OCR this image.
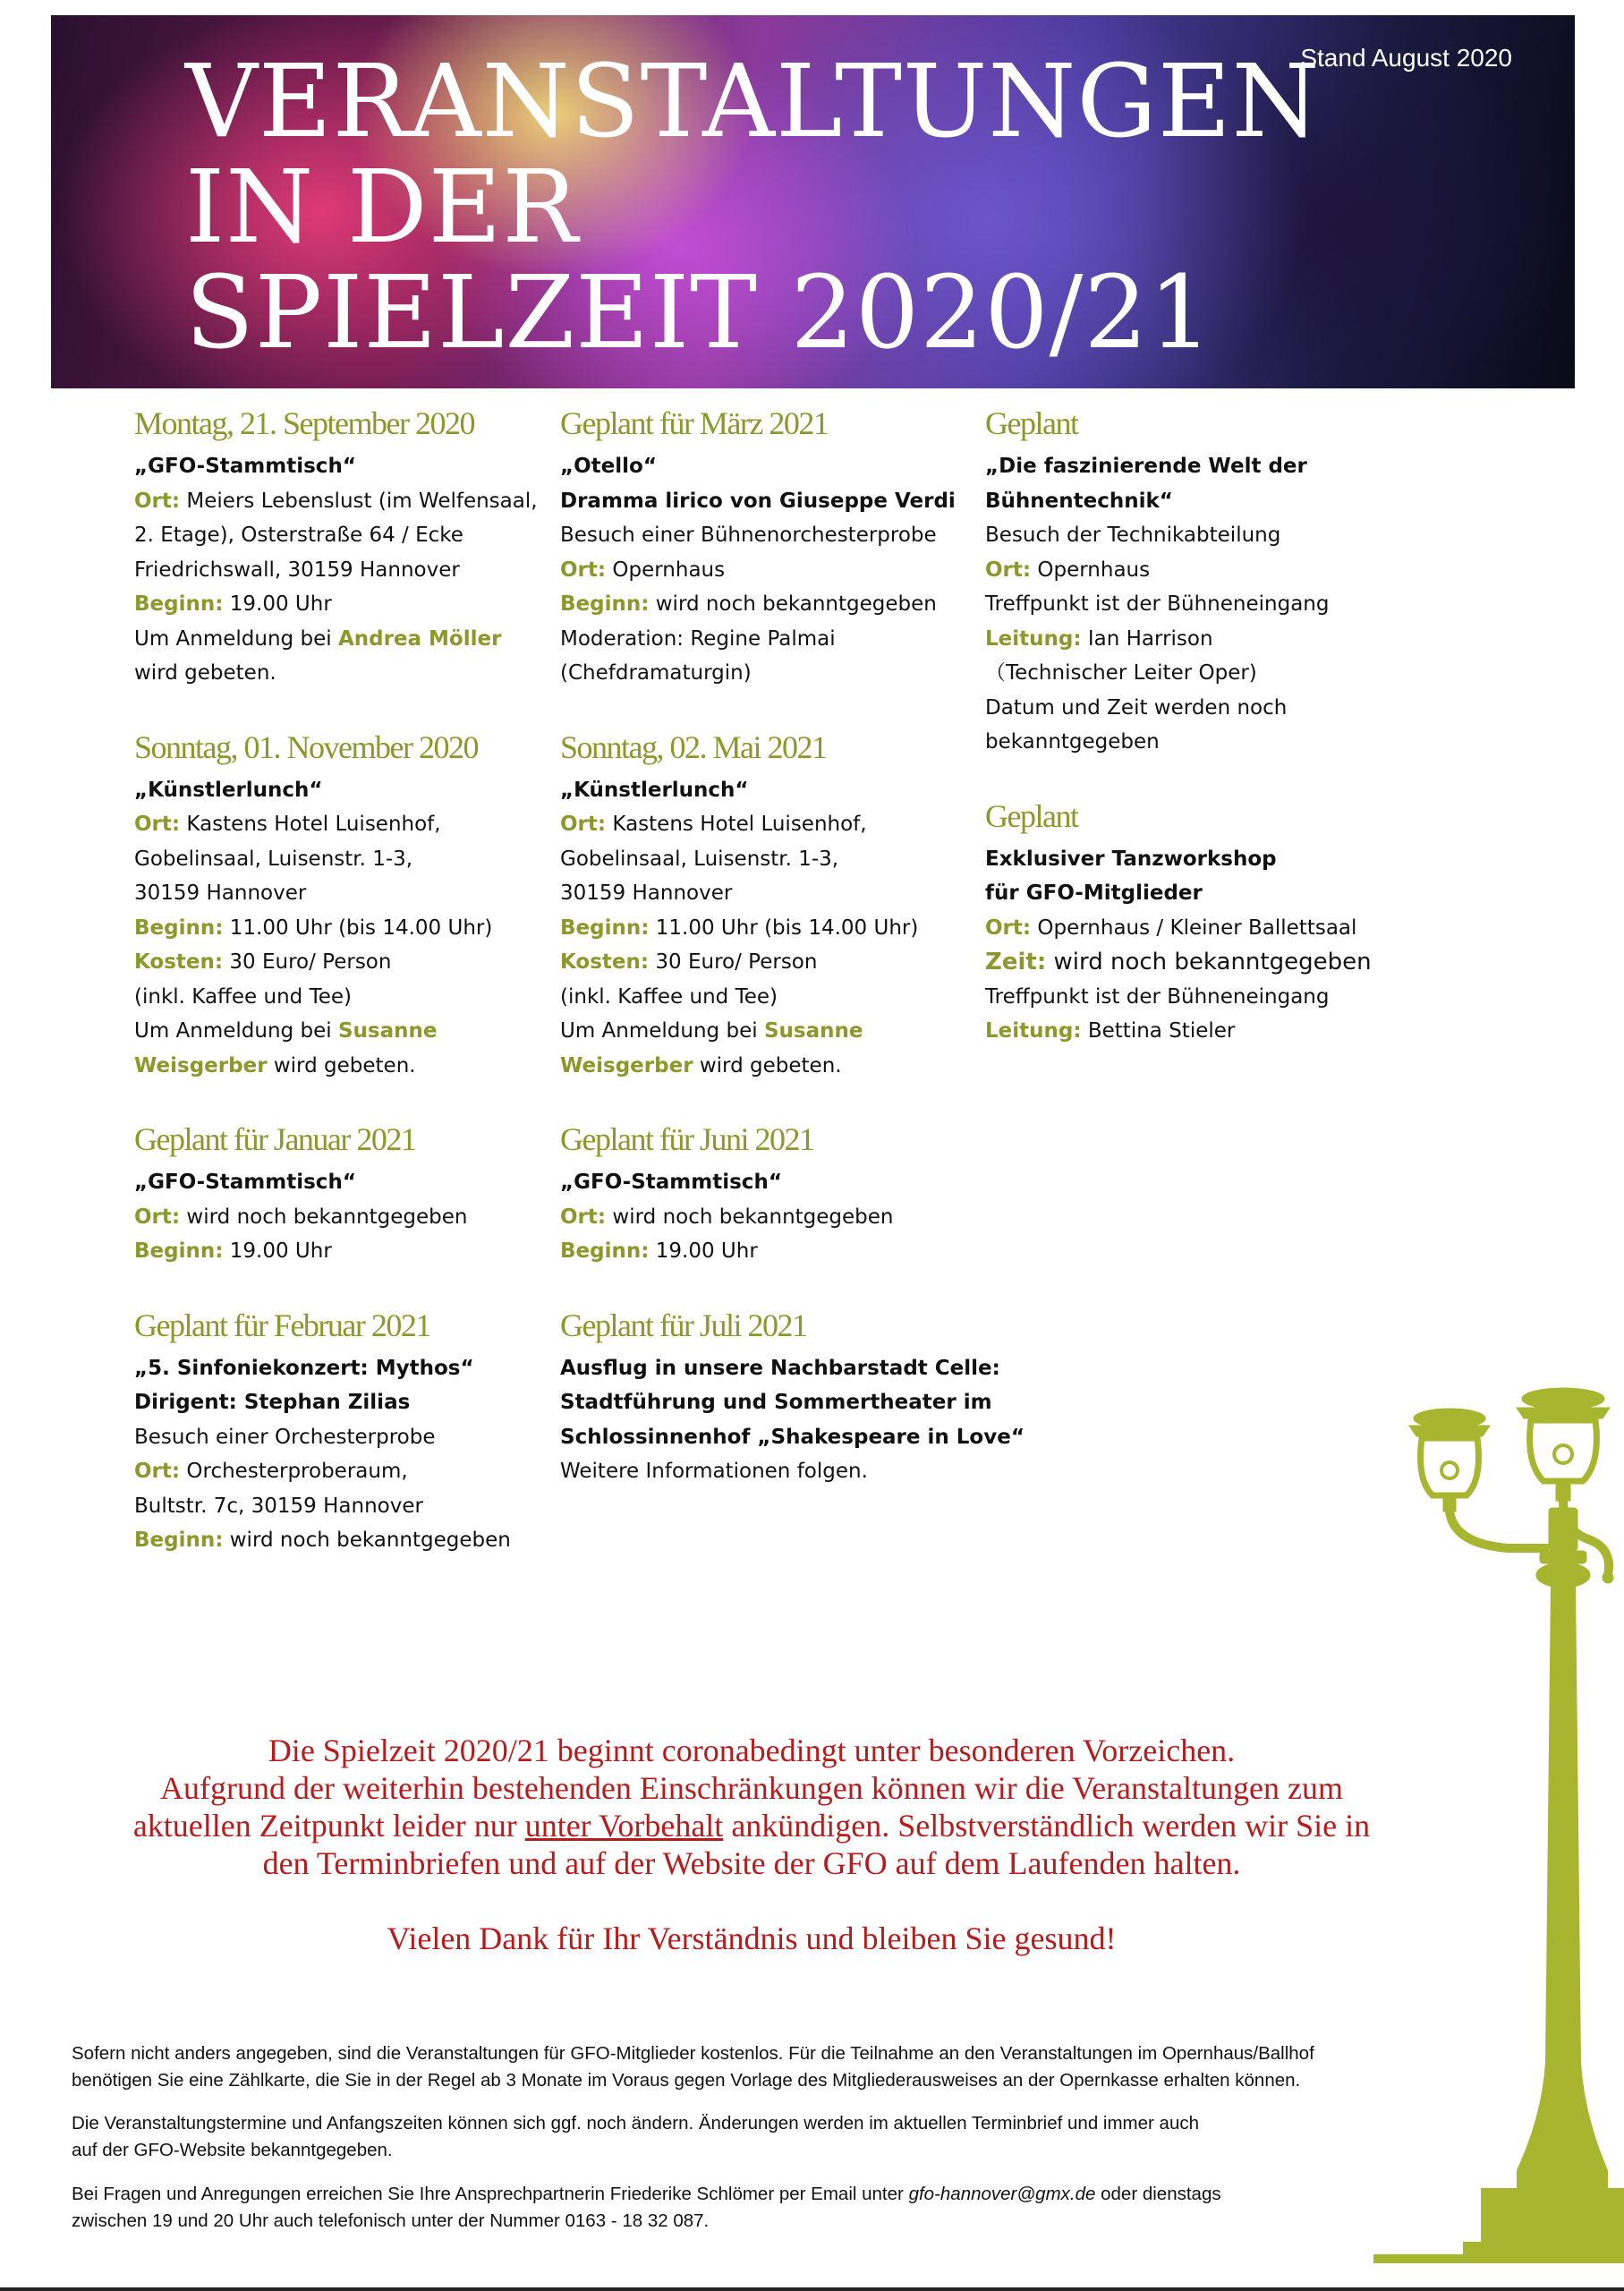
VERANSTALTUNGEN
IN DER
SPIELZEIT 2020/21
Stand August 2020

Montag, 21. September 2020

„GFO-Stammtisch“

Ort: Meiers Lebenslust (im Welfensaal,

2. Etage), Osterstraße 64 / Ecke

Friedrichswall, 30159 Hannover

Beginn: 19.00 Uhr

Um Anmeldung bei Andrea Möller

wird gebeten.

Sonntag, 01. November 2020

„Künstlerlunch“

Ort: Kastens Hotel Luisenhof,

Gobelinsaal, Luisenstr. 1-3,

30159 Hannover

Beginn: 11.00 Uhr (bis 14.00 Uhr)

Kosten: 30 Euro/ Person

(inkl. Kaffee und Tee)

Um Anmeldung bei Susanne

Weisgerber wird gebeten.

Geplant für Januar 2021

„GFO-Stammtisch“

Ort: wird noch bekanntgegeben

Beginn: 19.00 Uhr

Geplant für Februar 2021

„5. Sinfoniekonzert: Mythos“

Dirigent: Stephan Zilias

Besuch einer Orchesterprobe

Ort: Orchesterproberaum,

Bultstr. 7c, 30159 Hannover

Beginn: wird noch bekanntgegeben

Geplant für März 2021

„Otello“

Dramma lirico von Giuseppe Verdi

Besuch einer Bühnenorchesterprobe

Ort: Opernhaus

Beginn: wird noch bekanntgegeben

Moderation: Regine Palmai

(Chefdramaturgin)

Sonntag, 02. Mai 2021

„Künstlerlunch“

Ort: Kastens Hotel Luisenhof,

Gobelinsaal, Luisenstr. 1-3,

30159 Hannover

Beginn: 11.00 Uhr (bis 14.00 Uhr)

Kosten: 30 Euro/ Person

(inkl. Kaffee und Tee)

Um Anmeldung bei Susanne

Weisgerber wird gebeten.

Geplant für Juni 2021

„GFO-Stammtisch“

Ort: wird noch bekanntgegeben

Beginn: 19.00 Uhr

Geplant für Juli 2021

Ausflug in unsere Nachbarstadt Celle:

Stadtführung und Sommertheater im

Schlossinnenhof „Shakespeare in Love“

Weitere Informationen folgen.

Geplant

„Die faszinierende Welt der

Bühnentechnik“

Besuch der Technikabteilung

Ort: Opernhaus

Treffpunkt ist der Bühneneingang

Leitung: Ian Harrison

（Technischer Leiter Oper)

Datum und Zeit werden noch

bekanntgegeben

Geplant

Exklusiver Tanzworkshop

für GFO-Mitglieder

Ort: Opernhaus / Kleiner Ballettsaal

Zeit: wird noch bekanntgegeben

Treffpunkt ist der Bühneneingang

Leitung: Bettina Stieler

Die Spielzeit 2020/21 beginnt coronabedingt unter besonderen Vorzeichen.
Aufgrund der weiterhin bestehenden Einschränkungen können wir die Veranstaltungen zum
aktuellen Zeitpunkt leider nur unter Vorbehalt ankündigen. Selbstverständlich werden wir Sie in
den Terminbriefen und auf der Website der GFO auf dem Laufenden halten.

Vielen Dank für Ihr Verständnis und bleiben Sie gesund!

Sofern nicht anders angegeben, sind die Veranstaltungen für GFO-Mitglieder kostenlos. Für die Teilnahme an den Veranstaltungen im Opernhaus/Ballhof
benötigen Sie eine Zählkarte, die Sie in der Regel ab 3 Monate im Voraus gegen Vorlage des Mitgliederausweises an der Opernkasse erhalten können.

Die Veranstaltungstermine und Anfangszeiten können sich ggf. noch ändern. Änderungen werden im aktuellen Terminbrief und immer auch
auf der GFO-Website bekanntgegeben.

Bei Fragen und Anregungen erreichen Sie Ihre Ansprechpartnerin Friederike Schlömer per Email unter gfo-hannover@gmx.de oder dienstags
zwischen 19 und 20 Uhr auch telefonisch unter der Nummer 0163 - 18 32 087.
